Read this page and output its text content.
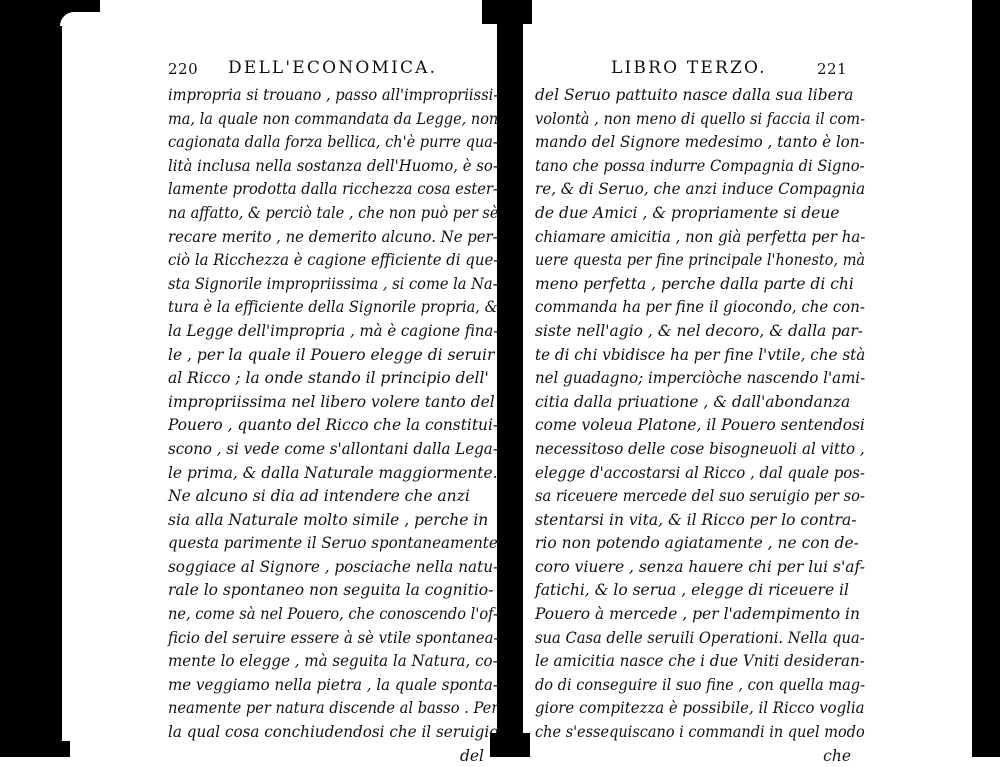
220 DELL'ECONOMICA.
impropria si trouano , passo all'impropriissi-
ma, la quale non commandata da Legge, non
cagionata dalla forza bellica, ch'è purre qua-
lità inclusa nella sostanza dell'Huomo, è so-
lamente prodotta dalla ricchezza cosa ester-
na affatto, & perciò tale , che non può per sè
recare merito , ne demerito alcuno. Ne per-
ciò la Ricchezza è cagione efficiente di que-
sta Signorile impropriissima , si come la Na-
tura è la efficiente della Signorile propria, &
la Legge dell'impropria , mà è cagione fina-
le , per la quale il Pouero elegge di seruir
al Ricco ; la onde stando il principio dell'
impropriissima nel libero volere tanto del
Pouero , quanto del Ricco che la constitui-
scono , si vede come s'allontani dalla Lega-
le prima, & dalla Naturale maggiormente.
Ne alcuno si dia ad intendere che anzi
sia alla Naturale molto simile , perche in
questa parimente il Seruo spontaneamente
soggiace al Signore , posciache nella natu-
rale lo spontaneo non seguita la cognitio-
ne, come sà nel Pouero, che conoscendo l'of-
ficio del seruire essere à sè vtile spontanea-
mente lo elegge , mà seguita la Natura, co-
me veggiamo nella pietra , la quale sponta-
neamente per natura discende al basso . Per
la qual cosa conchiudendosi che il seruigio
del
LIBRO TERZO.	221
del Seruo pattuito nasce dalla sua libera
volontà , non meno di quello si faccia il com-
mando del Signore medesimo , tanto è lon-
tano che possa indurre Compagnia di Signo-
re, & di Seruo, che anzi induce Compagnia
de due Amici , & propriamente si deue
chiamare amicitia , non già perfetta per ha-
uere questa per fine principale l'honesto, mà
meno perfetta , perche dalla parte di chi
commanda ha per fine il giocondo, che con-
siste nell'agio , & nel decoro, & dalla par-
te di chi vbidisce ha per fine l'vtile, che stà
nel guadagno; imperciòche nascendo l'ami-
citia dalla priuatione , & dall'abondanza
come voleua Platone, il Pouero sentendosi
necessitoso delle cose bisogneuoli al vitto ,
elegge d'accostarsi al Ricco , dal quale pos-
sa riceuere mercede del suo seruigio per so-
stentarsi in vita, & il Ricco per lo contra-
rio non potendo agiatamente , ne con de-
coro viuere , senza hauere chi per lui s'af-
fatichi, & lo serua , elegge di riceuere il
Pouero à mercede , per l'adempimento in
sua Casa delle seruili Operationi. Nella qua-
le amicitia nasce che i due Vniti desideran-
do di conseguire il suo fine , con quella mag-
giore compitezza è possibile, il Ricco voglia
che s'essequiscano i commandi in quel modo
che
